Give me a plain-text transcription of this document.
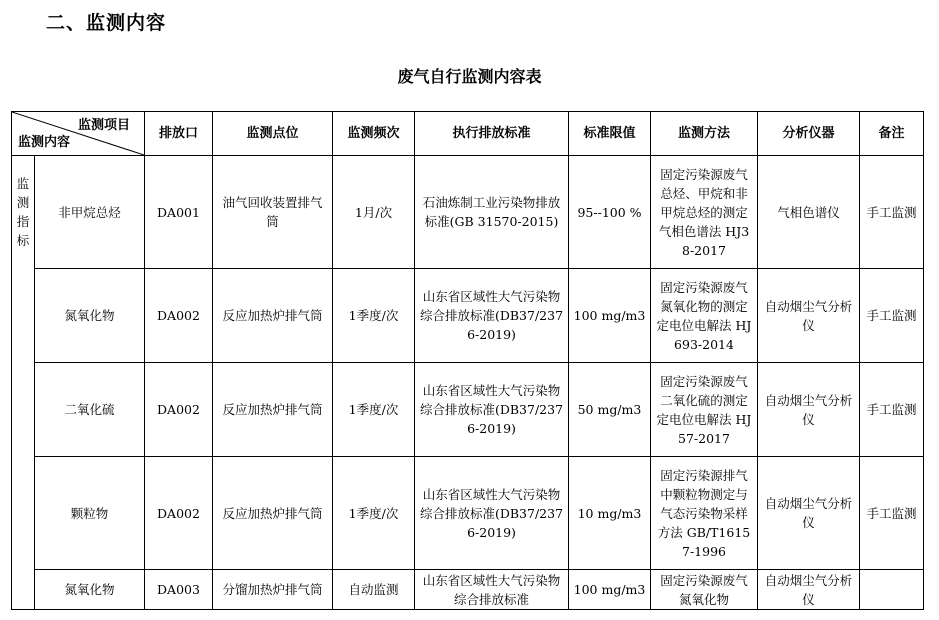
二、监测内容
废气自行监测内容表
监测项目
监测内容		排放口	监测点位	监测频次	执行排放标准	标准限值	监测方法	分析仪器	备注

监
测
指
标	非甲烷总烃	DA001	油气回收装置排气筒	1月/次	石油炼制工业污染物排放标准(GB 31570-2015)	95--100 %	固定污染源废气 总烃、甲烷和非甲烷总烃的测定 气相色谱法 HJ38-2017	气相色谱仪	手工监测
	氮氧化物	DA002	反应加热炉排气筒	1季度/次	山东省区域性大气污染物综合排放标准(DB37/2376-2019)	100 mg/m3	固定污染源废气 氮氧化物的测定 定电位电解法 HJ 693-2014	自动烟尘气分析仪	手工监测
	二氧化硫	DA002	反应加热炉排气筒	1季度/次	山东省区域性大气污染物综合排放标准(DB37/2376-2019)	50 mg/m3	固定污染源废气 二氧化硫的测定 定电位电解法 HJ 57-2017	自动烟尘气分析仪	手工监测
	颗粒物	DA002	反应加热炉排气筒	1季度/次	山东省区域性大气污染物综合排放标准(DB37/2376-2019)	10 mg/m3	固定污染源排气中颗粒物测定与气态污染物采样方法 GB/T16157-1996	自动烟尘气分析仪	手工监测
	氮氧化物	DA003	分馏加热炉排气筒	自动监测	山东省区域性大气污染物综合排放标准	100 mg/m3	固定污染源废气 氮氧化物	自动烟尘气分析仪	
